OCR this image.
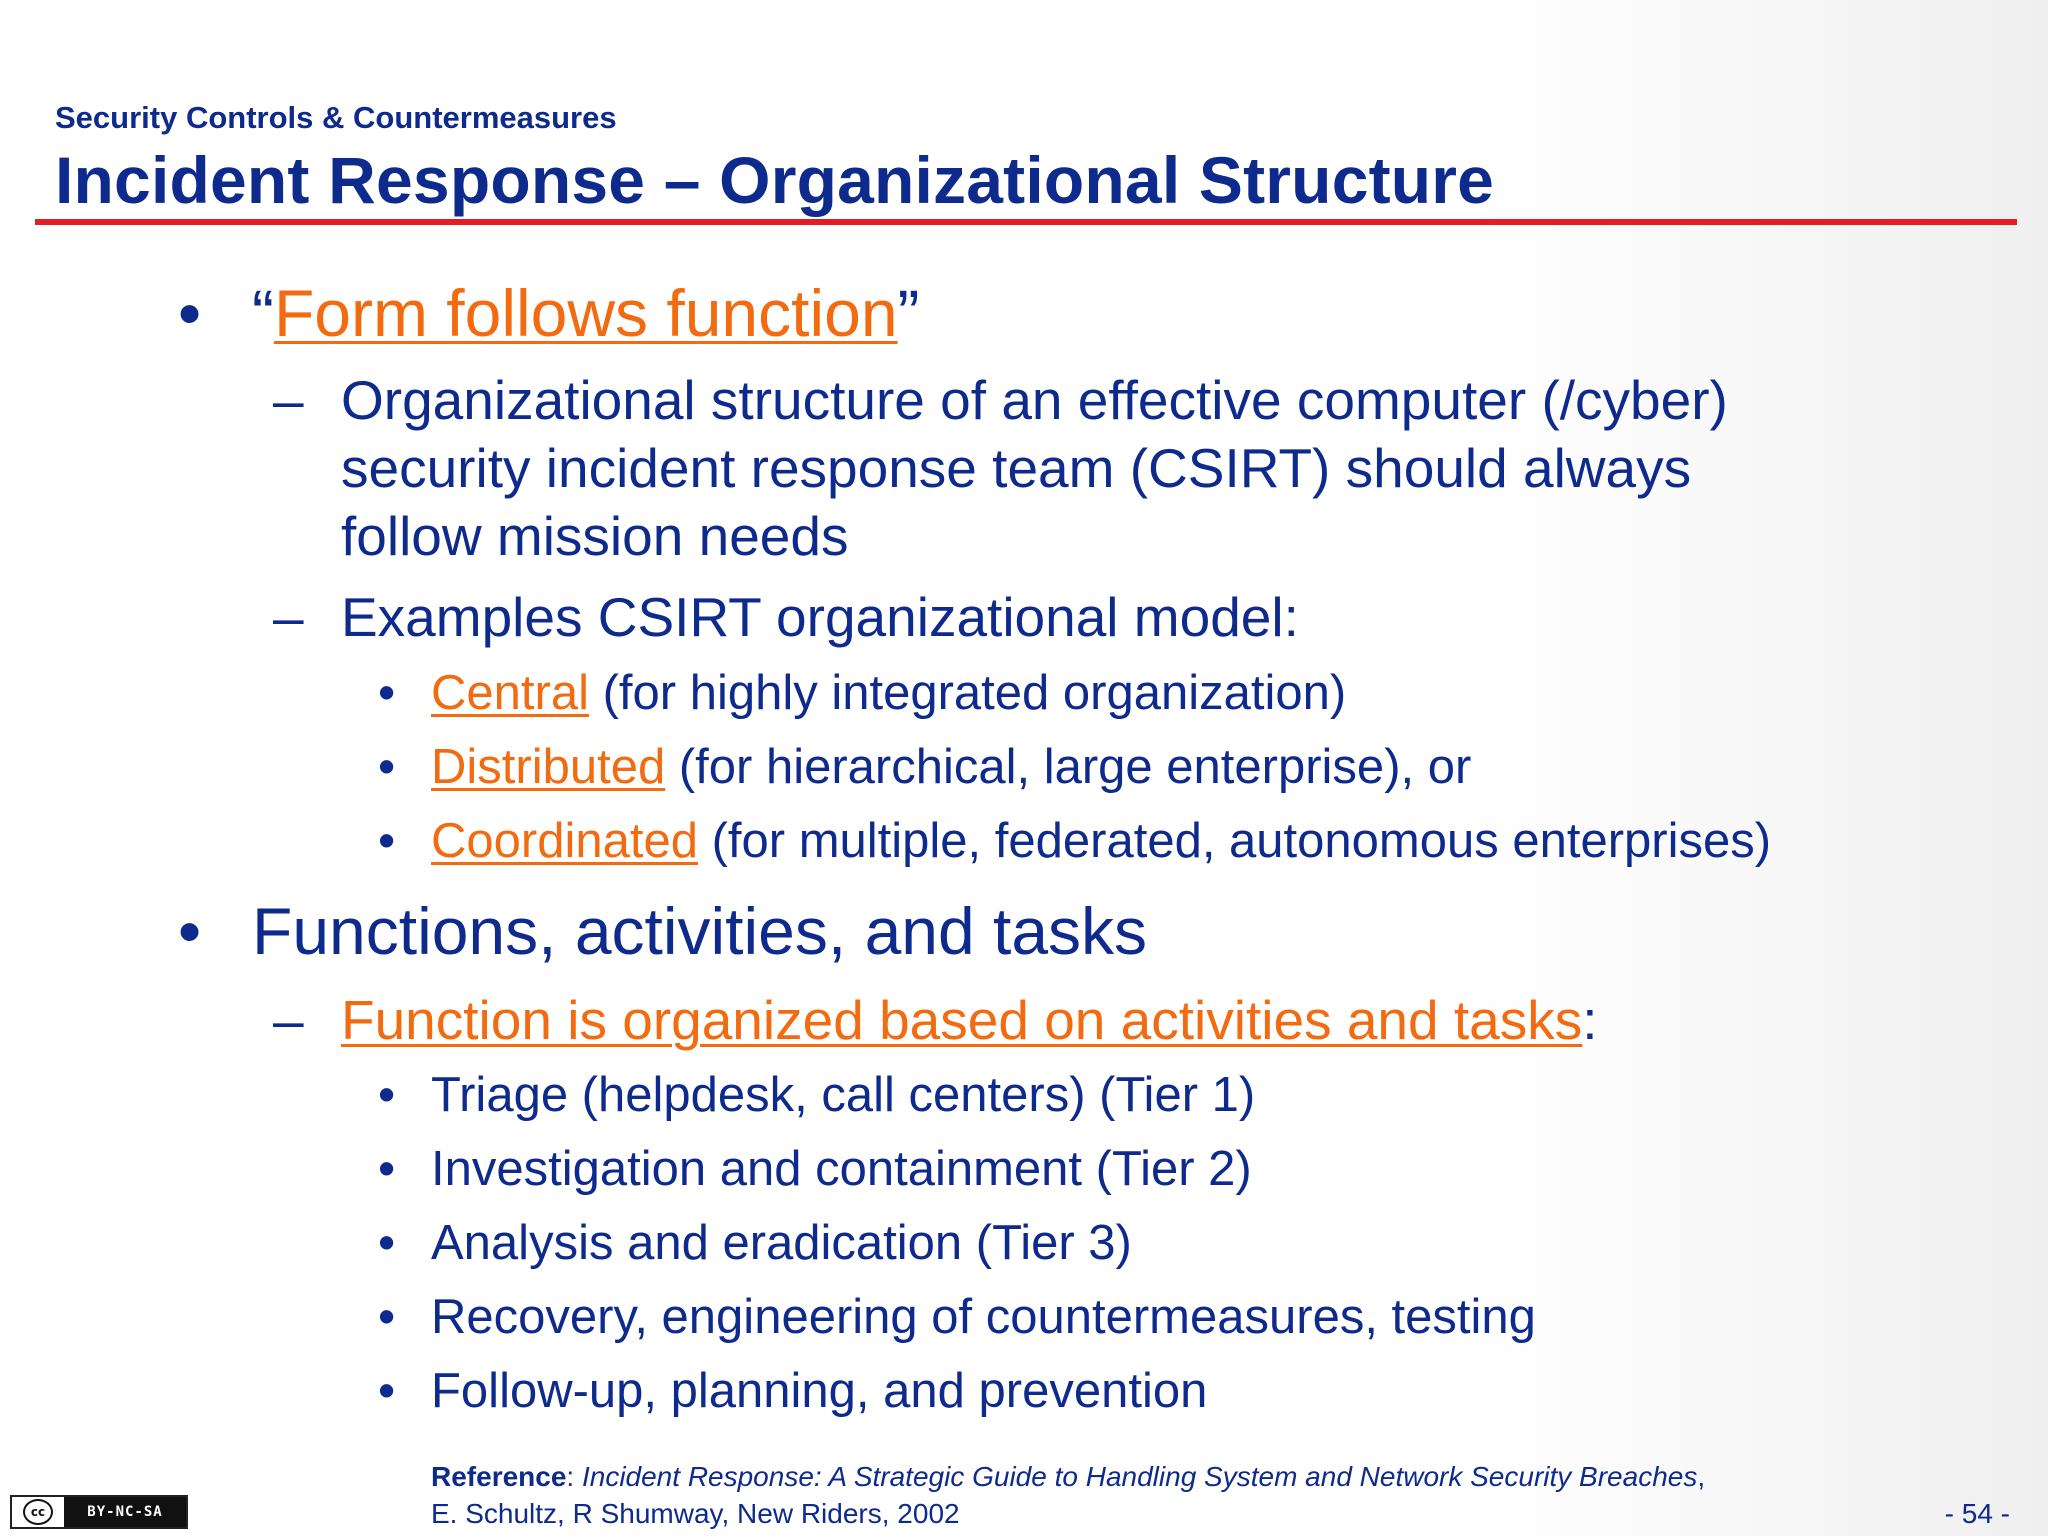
Security Controls & Countermeasures
Incident Response – Organizational Structure
• “Form follows function”
– Organizational structure of an effective computer (/cyber)
security incident response team (CSIRT) should always
follow mission needs
– Examples CSIRT organizational model:
• Central (for highly integrated organization)
• Distributed (for hierarchical, large enterprise), or
• Coordinated (for multiple, federated, autonomous enterprises)
• Functions, activities, and tasks
– Function is organized based on activities and tasks:
• Triage (helpdesk, call centers) (Tier 1)
• Investigation and containment (Tier 2)
• Analysis and eradication (Tier 3)
• Recovery, engineering of countermeasures, testing
• Follow-up, planning, and prevention
Reference: Incident Response: A Strategic Guide to Handling System and Network Security Breaches,
E. Schultz, R Shumway, New Riders, 2002
cc	BY-NC-SA	- 54 -
